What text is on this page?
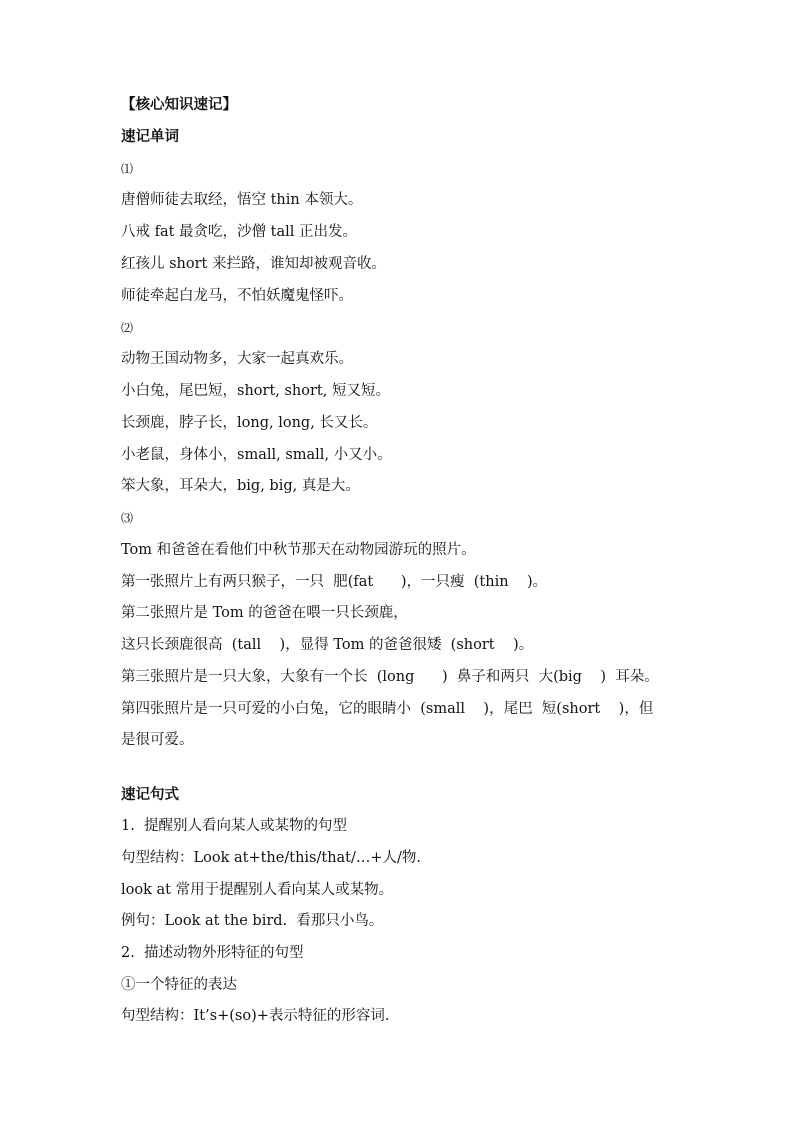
【核心知识速记】

速记单词

⑴

唐僧师徒去取经，悟空 thin 本领大。

八戒 fat 最贪吃，沙僧 tall 正出发。

红孩儿 short 来拦路，谁知却被观音收。

师徒牵起白龙马，不怕妖魔鬼怪吓。

⑵

动物王国动物多，大家一起真欢乐。

小白兔，尾巴短，short, short, 短又短。

长颈鹿，脖子长，long, long, 长又长。

小老鼠，身体小，small, small, 小又小。

笨大象，耳朵大，big, big, 真是大。

⑶

Tom 和爸爸在看他们中秋节那天在动物园游玩的照片。

第一张照片上有两只猴子，一只  肥(fat      )，一只瘦  (thin    )。

第二张照片是 Tom 的爸爸在喂一只长颈鹿，

这只长颈鹿很高  (tall    )，显得 Tom 的爸爸很矮  (short    )。

第三张照片是一只大象，大象有一个长  (long      )  鼻子和两只  大(big    )  耳朵。

第四张照片是一只可爱的小白兔，它的眼睛小  (small    )，尾巴  短(short    )，但

是很可爱。

速记句式

1.  提醒别人看向某人或某物的句型

句型结构：Look at+the/this/that/…+人/物.

look at 常用于提醒别人看向某人或某物。

例句：Look at the bird.  看那只小鸟。

2.  描述动物外形特征的句型

①一个特征的表达

句型结构：It’s+(so)+表示特征的形容词.
